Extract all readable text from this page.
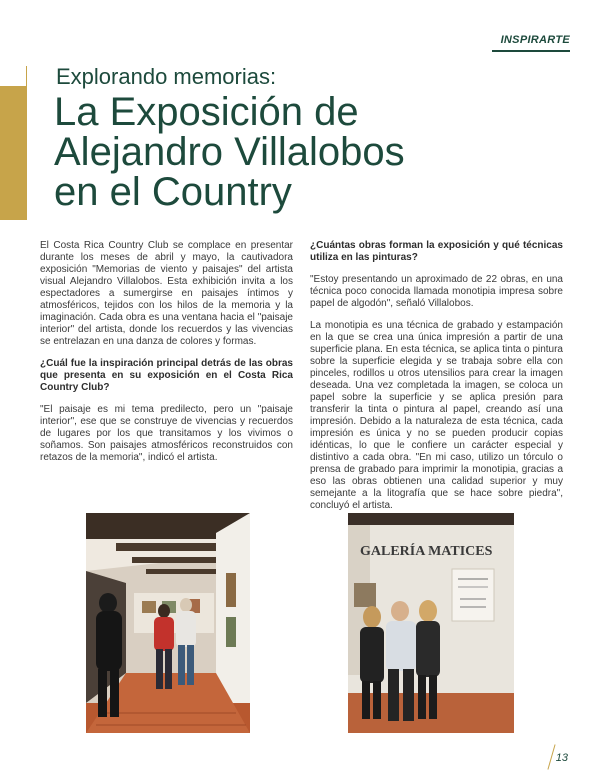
INSPIRARTE
Explorando memorias:
La Exposición de
Alejandro Villalobos
en el Country

El Costa Rica Country Club se complace en presentar durante los meses de abril y mayo, la cautivadora exposición "Memorias de viento y paisajes" del artista visual Alejandro Villalobos. Esta exhibición invita a los espectadores a sumergirse en paisajes íntimos y atmosféricos, tejidos con los hilos de la memoria y la imaginación. Cada obra es una ventana hacia el "paisaje interior" del artista, donde los recuerdos y las vivencias se entrelazan en una danza de colores y formas.

¿Cuál fue la inspiración principal detrás de las obras que presenta en su exposición en el Costa Rica Country Club?

"El paisaje es mi tema predilecto, pero un "paisaje interior", ese que se construye de vivencias y recuerdos de lugares por los que transitamos y los vivimos o soñamos. Son paisajes atmosféricos reconstruidos con retazos de la memoria", indicó el artista.

¿Cuántas obras forman la exposición y qué técnicas utiliza en las pinturas?

"Estoy presentando un aproximado de 22 obras, en una técnica poco conocida llamada monotipia impresa sobre papel de algodón", señaló Villalobos.

La monotipia es una técnica de grabado y estampación en la que se crea una única impresión a partir de una superficie plana. En esta técnica, se aplica tinta o pintura sobre la superficie elegida y se trabaja sobre ella con pinceles, rodillos u otros utensilios para crear la imagen deseada. Una vez completada la imagen, se coloca un papel sobre la superficie y se aplica presión para transferir la tinta o pintura al papel, creando así una impresión. Debido a la naturaleza de esta técnica, cada impresión es única y no se pueden producir copias idénticas, lo que le confiere un carácter especial y distintivo a cada obra. "En mi caso, utilizo un tórculo o prensa de grabado para imprimir la monotipia, gracias a eso las obras obtienen una calidad superior y muy semejante a la litografía que se hace sobre piedra", concluyó el artista.

GALERÍA MATICES
13
